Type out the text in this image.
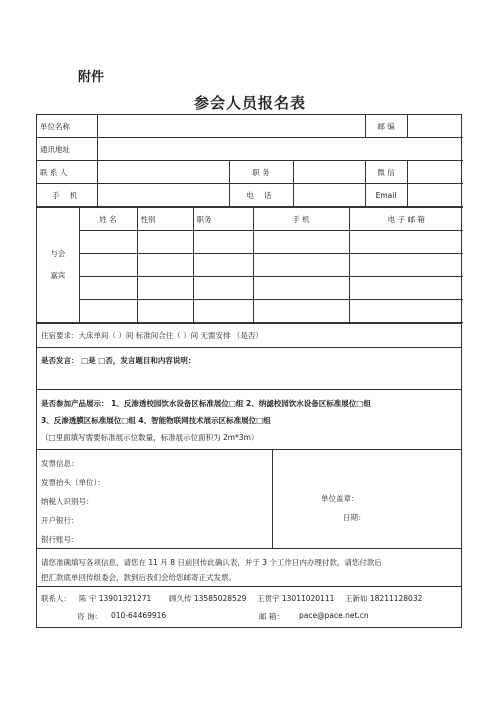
附件
参会人员报名表
单位名称				邮 编	
通讯地址					
联 系 人		职 务		微 信	
手 机		电 话		Email	
与会
嘉宾	姓 名	性别	职务	手 机	电 子 邮 箱

住宿要求：大床单间（ ）间 标准间合住（ ）间 无需安排 （是否）
是否发言： □是 □否，发言题目和内容说明：
是否参加产品展示： 1、反渗透校园饮水设备区标准展位□组 2、纳滤校园饮水设备区标准展位□组
3、反渗透膜区标准展位□组 4、智能物联网技术展示区标准展位□组
（□里面填写需要标准展示位数量，标准展示位面积为 2m*3m）
发票信息：
发票抬头（单位）：
纳税人识别号：
开户银行：
银行账号：
单位盖章：
日期：
请您准确填写各项信息，请您在 11 月 8 日前回传此确认表，并于 3 个工作日内办理付款，请您付款后
把汇款底单回传组委会，款到后我们会给您邮寄正式发票。
联系人： 陈 宇 13901321271 顾久传 13585028529 王贯宇 13011020111 王新如 18211128032
咨 询： 010-64469916	邮 箱： pace@pace.net.cn
